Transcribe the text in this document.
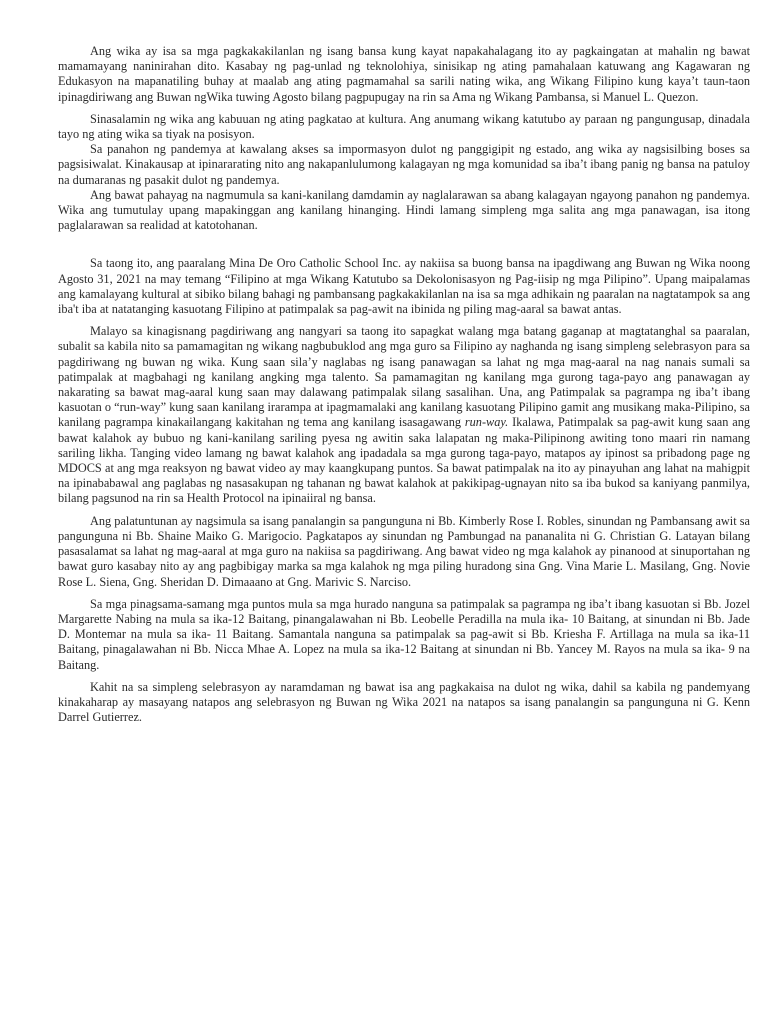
Ang wika ay isa sa mga pagkakakilanlan ng isang bansa kung kayat napakahalagang ito ay pagkaingatan at mahalin ng bawat mamamayang naninirahan dito. Kasabay ng pag-unlad ng teknolohiya, sinisikap ng ating pamahalaan katuwang ang Kagawaran ng Edukasyon na mapanatiling buhay at maalab ang ating pagmamahal sa sarili nating wika, ang Wikang Filipino kung kaya’t taun-taon ipinagdiriwang ang Buwan ngWika tuwing Agosto bilang pagpupugay na rin sa Ama ng Wikang Pambansa, si Manuel L. Quezon.

Sinasalamin ng wika ang kabuuan ng ating pagkatao at kultura. Ang anumang wikang katutubo ay paraan ng pangungusap, dinadala tayo ng ating wika sa tiyak na posisyon.

Sa panahon ng pandemya at kawalang akses sa impormasyon dulot ng panggigipit ng estado, ang wika ay nagsisilbing boses sa pagsisiwalat. Kinakausap at ipinararating nito ang nakapanlulumong kalagayan ng mga komunidad sa iba’t ibang panig ng bansa na patuloy na dumaranas ng pasakit dulot ng pandemya.

Ang bawat pahayag na nagmumula sa kani-kanilang damdamin ay naglalarawan sa abang kalagayan ngayong panahon ng pandemya. Wika ang tumutulay upang mapakinggan ang kanilang hinanging. Hindi lamang simpleng mga salita ang mga panawagan, isa itong paglalarawan sa realidad at katotohanan.

Sa taong ito, ang paaralang Mina De Oro Catholic School Inc. ay nakiisa sa buong bansa na ipagdiwang ang Buwan ng Wika noong Agosto 31, 2021 na may temang “Filipino at mga Wikang Katutubo sa Dekolonisasyon ng Pag-iisip ng mga Pilipino”. Upang maipalamas ang kamalayang kultural at sibiko bilang bahagi ng pambansang pagkakakilanlan na isa sa mga adhikain ng paaralan na nagtatampok sa ang iba't iba at natatanging kasuotang Filipino at patimpalak sa pag-awit na ibinida ng piling mag-aaral sa bawat antas.

Malayo sa kinagisnang pagdiriwang ang nangyari sa taong ito sapagkat walang mga batang gaganap at magtatanghal sa paaralan, subalit sa kabila nito sa pamamagitan ng wikang nagbubuklod ang mga guro sa Filipino ay naghanda ng isang simpleng selebrasyon para sa pagdiriwang ng buwan ng wika. Kung saan sila’y naglabas ng isang panawagan sa lahat ng mga mag-aaral na nag nanais sumali sa patimpalak at magbahagi ng kanilang angking mga talento. Sa pamamagitan ng kanilang mga gurong taga-payo ang panawagan ay nakarating sa bawat mag-aaral kung saan may dalawang patimpalak silang sasalihan. Una, ang Patimpalak sa pagrampa ng iba’t ibang kasuotan o “run-way” kung saan kanilang irarampa at ipagmamalaki ang kanilang kasuotang Pilipino gamit ang musikang maka-Pilipino, sa kanilang pagrampa kinakailangang kakitahan ng tema ang kanilang isasagawang run-way. Ikalawa, Patimpalak sa pag-awit kung saan ang bawat kalahok ay bubuo ng kani-kanilang sariling pyesa ng awitin saka lalapatan ng maka-Pilipinong awiting tono maari rin namang sariling likha. Tanging video lamang ng bawat kalahok ang ipadadala sa mga gurong taga-payo, matapos ay ipinost sa pribadong page ng MDOCS at ang mga reaksyon ng bawat video ay may kaangkupang puntos. Sa bawat patimpalak na ito ay pinayuhan ang lahat na mahigpit na ipinababawal ang paglabas ng nasasakupan ng tahanan ng bawat kalahok at pakikipag-ugnayan nito sa iba bukod sa kaniyang panmilya, bilang pagsunod na rin sa Health Protocol na ipinaiiral ng bansa.

Ang palatuntunan ay nagsimula sa isang panalangin sa pangunguna ni Bb. Kimberly Rose I. Robles, sinundan ng Pambansang awit sa pangunguna ni Bb. Shaine Maiko G. Marigocio. Pagkatapos ay sinundan ng Pambungad na pananalita ni G. Christian G. Latayan bilang pasasalamat sa lahat ng mag-aaral at mga guro na nakiisa sa pagdiriwang. Ang bawat video ng mga kalahok ay pinanood at sinuportahan ng bawat guro kasabay nito ay ang pagbibigay marka sa mga kalahok ng mga piling huradong sina Gng. Vina Marie L. Masilang, Gng. Novie Rose L. Siena, Gng. Sheridan D. Dimaaano at Gng. Marivic S. Narciso.

Sa mga pinagsama-samang mga puntos mula sa mga hurado nanguna sa patimpalak sa pagrampa ng iba’t ibang kasuotan si Bb. Jozel Margarette Nabing na mula sa ika-12 Baitang, pinangalawahan ni Bb. Leobelle Peradilla na mula ika- 10 Baitang, at sinundan ni Bb. Jade D. Montemar na mula sa ika- 11 Baitang. Samantala nanguna sa patimpalak sa pag-awit si Bb. Kriesha F. Artillaga na mula sa ika-11 Baitang, pinagalawahan ni Bb. Nicca Mhae A. Lopez na mula sa ika-12 Baitang at sinundan ni Bb. Yancey M. Rayos na mula sa ika- 9 na Baitang.

Kahit na sa simpleng selebrasyon ay naramdaman ng bawat isa ang pagkakaisa na dulot ng wika, dahil sa kabila ng pandemyang kinakaharap ay masayang natapos ang selebrasyon ng Buwan ng Wika 2021 na natapos sa isang panalangin sa pangunguna ni G. Kenn Darrel Gutierrez.
